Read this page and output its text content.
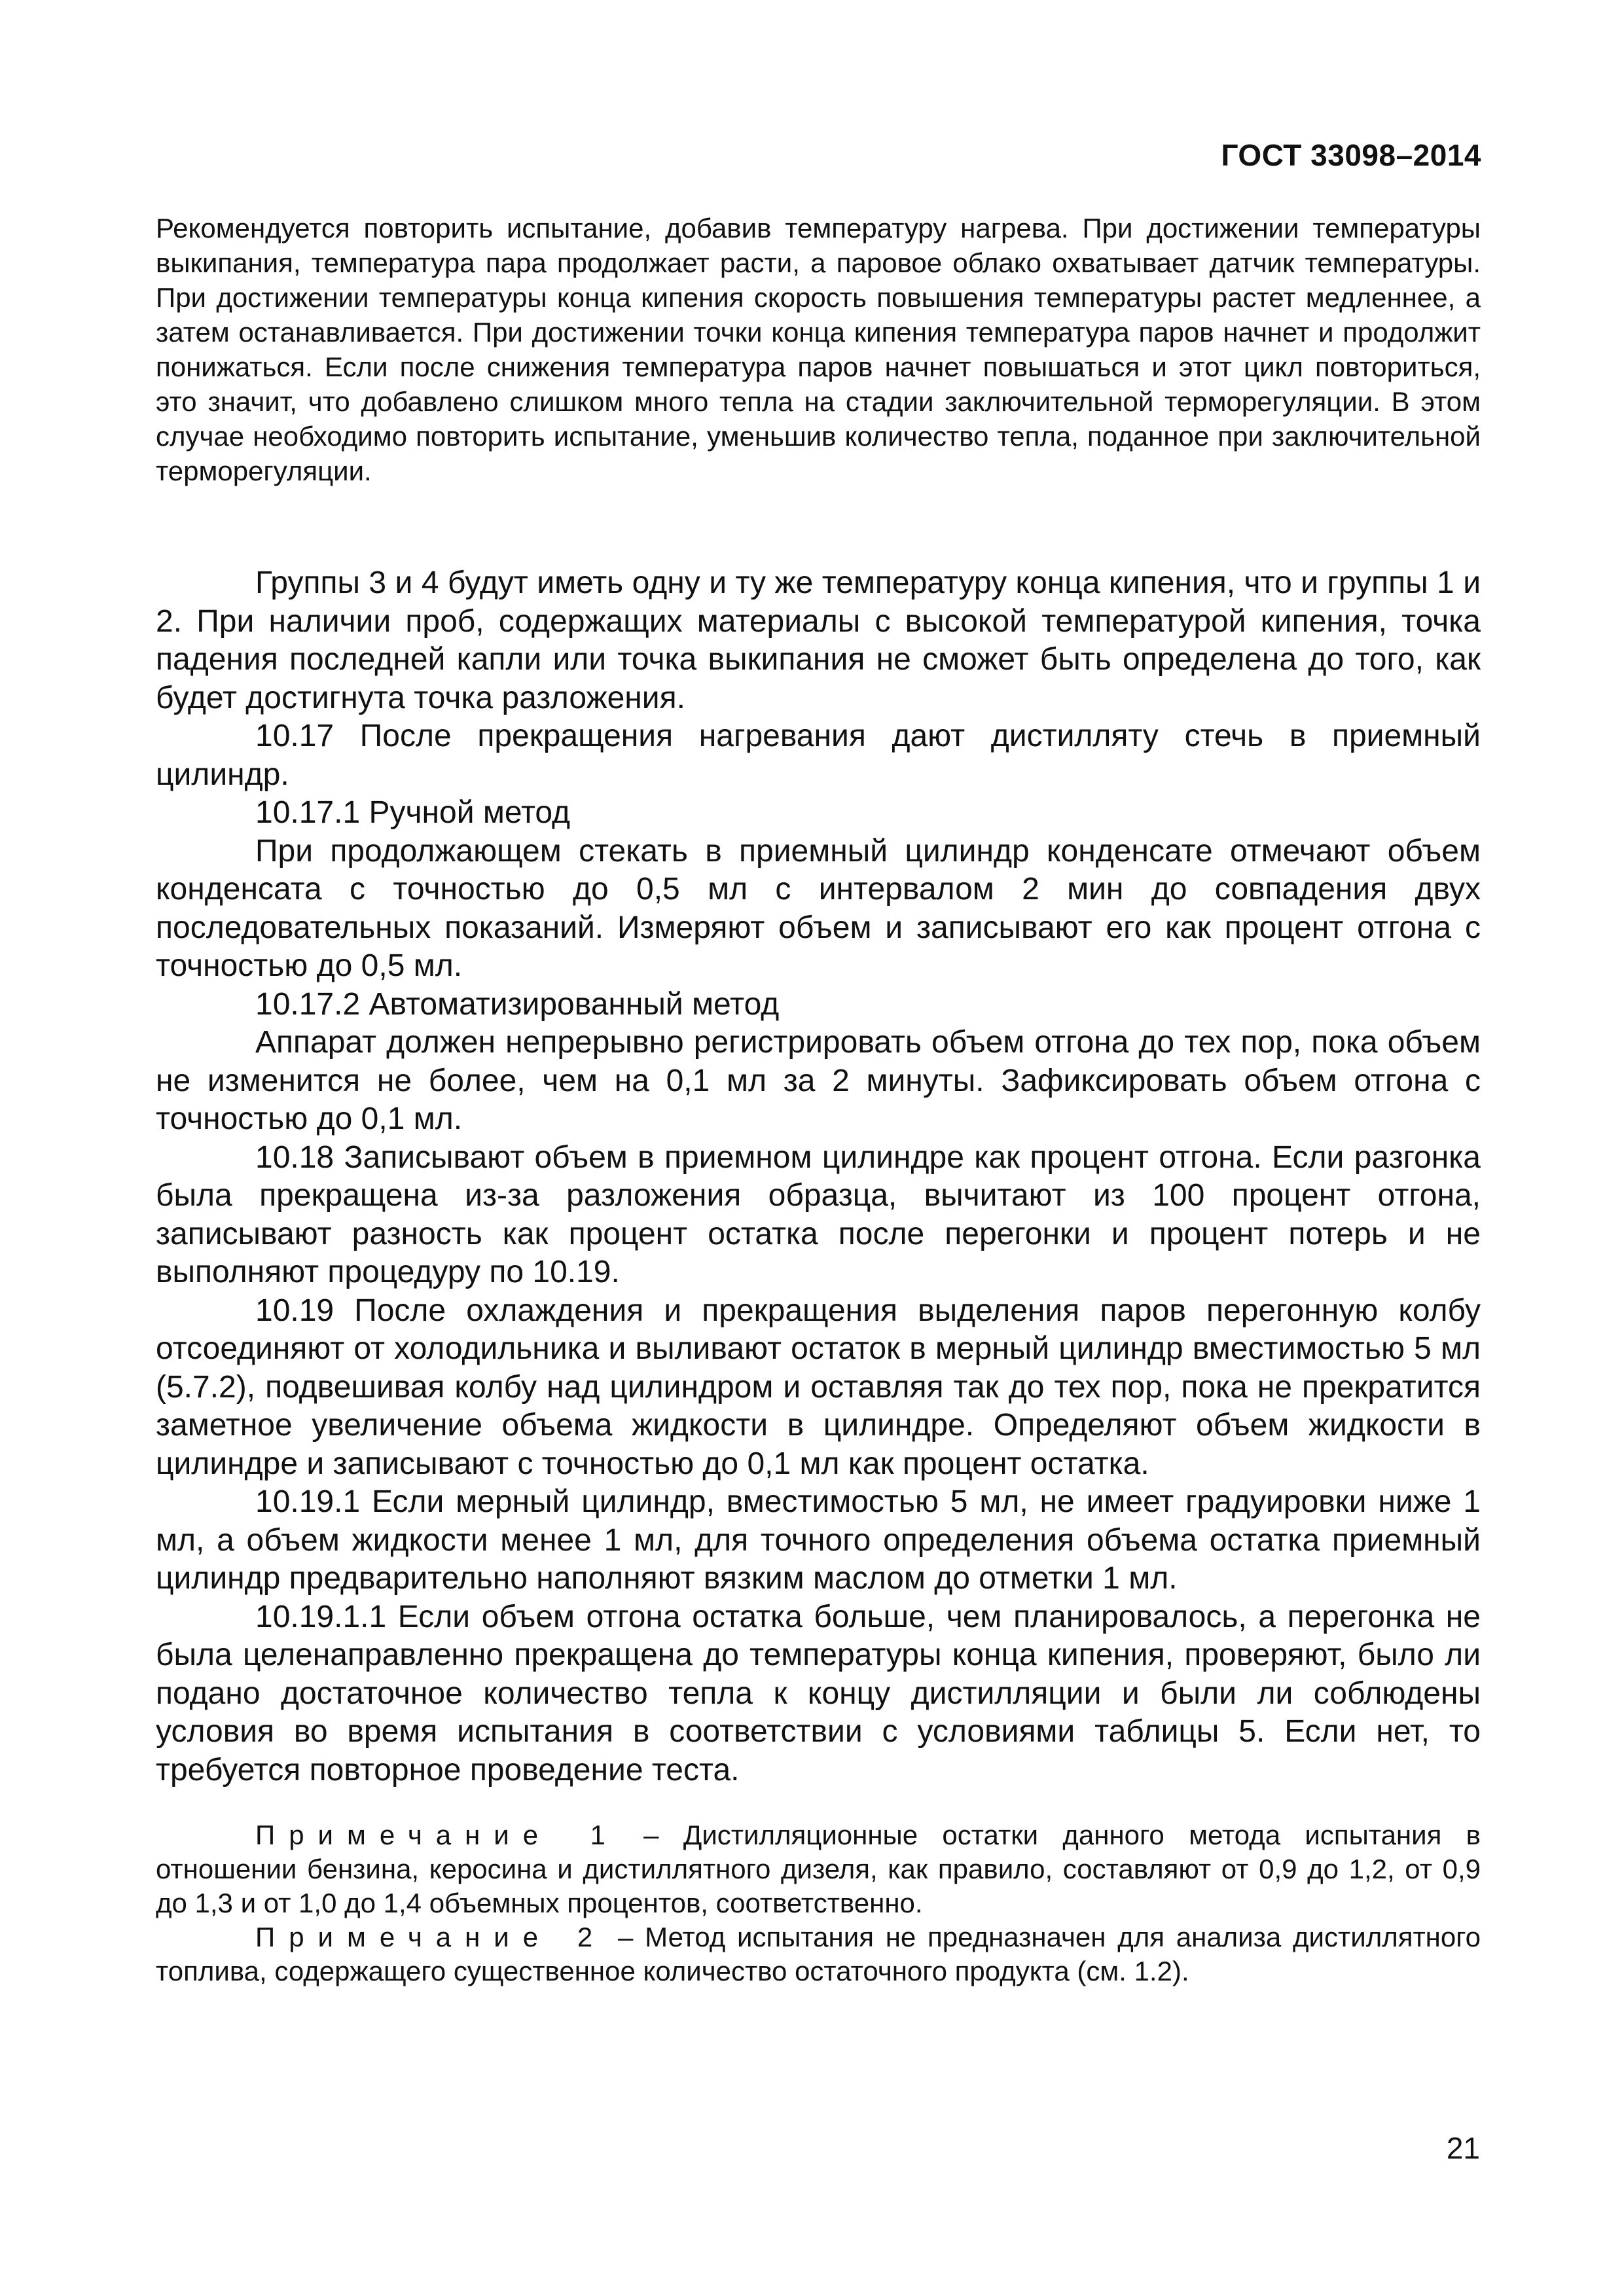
ГОСТ 33098–2014

Рекомендуется повторить испытание, добавив температуру нагрева. При достижении температуры выкипания, температура пара продолжает расти, а паровое облако охватывает датчик температуры. При достижении температуры конца кипения скорость повышения температуры растет медленнее, а затем останавливается. При достижении точки конца кипения температура паров начнет и продолжит понижаться. Если после снижения температура паров начнет повышаться и этот цикл повториться, это значит, что добавлено слишком много тепла на стадии заключительной терморегуляции. В этом случае необходимо повторить испытание, уменьшив количество тепла, поданное при заключительной терморегуляции.

Группы 3 и 4 будут иметь одну и ту же температуру конца кипения, что и группы 1 и 2. При наличии проб, содержащих материалы с высокой температурой кипения, точка падения последней капли или точка выкипания не сможет быть определена до того, как будет достигнута точка разложения.

10.17 После прекращения нагревания дают дистилляту стечь в приемный цилиндр.

10.17.1 Ручной метод

При продолжающем стекать в приемный цилиндр конденсате отмечают объем конденсата с точностью до 0,5 мл с интервалом 2 мин до совпадения двух последовательных показаний. Измеряют объем и записывают его как процент отгона с точностью до 0,5 мл.

10.17.2 Автоматизированный метод

Аппарат должен непрерывно регистрировать объем отгона до тех пор, пока объем не изменится не более, чем на 0,1 мл за 2 минуты. Зафиксировать объем отгона с точностью до 0,1 мл.

10.18 Записывают объем в приемном цилиндре как процент отгона. Если разгонка была прекращена из-за разложения образца, вычитают из 100 процент отгона, записывают разность как процент остатка после перегонки и процент потерь и не выполняют процедуру по 10.19.

10.19 После охлаждения и прекращения выделения паров перегонную колбу отсоединяют от холодильника и выливают остаток в мерный цилиндр вместимостью 5 мл (5.7.2), подвешивая колбу над цилиндром и оставляя так до тех пор, пока не прекратится заметное увеличение объема жидкости в цилиндре. Определяют объем жидкости в цилиндре и записывают с точностью до 0,1 мл как процент остатка.

10.19.1 Если мерный цилиндр, вместимостью 5 мл, не имеет градуировки ниже 1 мл, а объем жидкости менее 1 мл, для точного определения объема остатка приемный цилиндр предварительно наполняют вязким маслом до отметки 1 мл.

10.19.1.1 Если объем отгона остатка больше, чем планировалось, а перегонка не была целенаправленно прекращена до температуры конца кипения, проверяют, было ли подано достаточное количество тепла к концу дистилляции и были ли соблюдены условия во время испытания в соответствии с условиями таблицы 5. Если нет, то требуется повторное проведение теста.

Примечание 1 – Дистилляционные остатки данного метода испытания в отношении бензина, керосина и дистиллятного дизеля, как правило, составляют от 0,9 до 1,2, от 0,9 до 1,3 и от 1,0 до 1,4 объемных процентов, соответственно.

Примечание 2 – Метод испытания не предназначен для анализа дистиллятного топлива, содержащего существенное количество остаточного продукта (см. 1.2).

21
